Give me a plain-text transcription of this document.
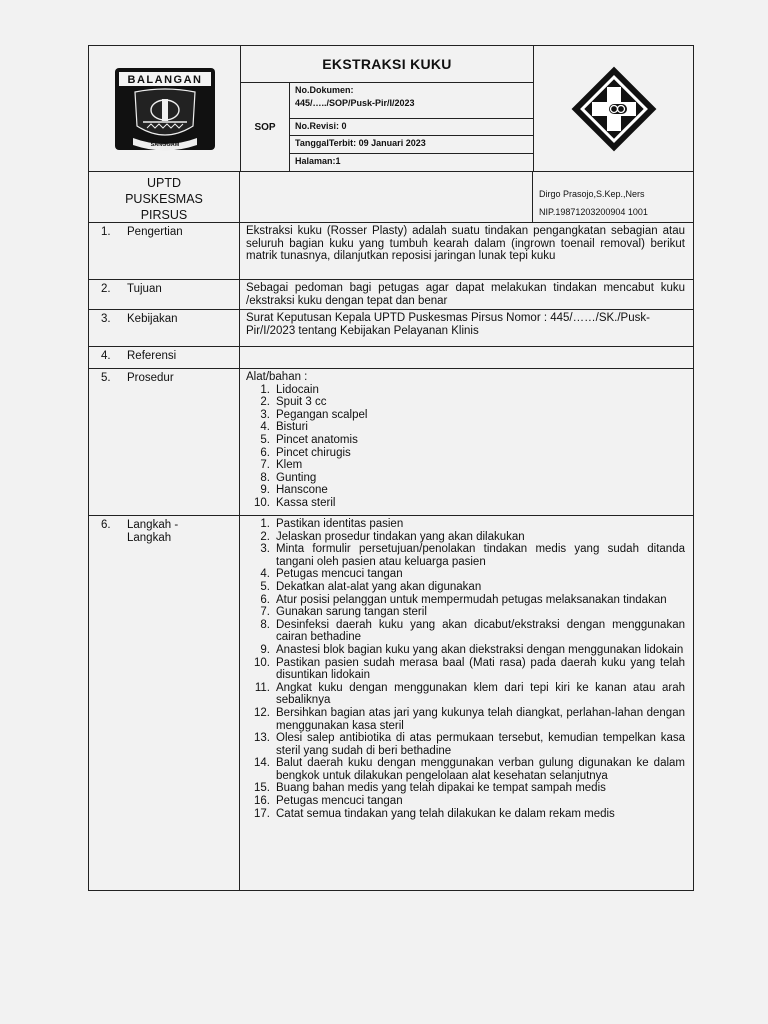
BALANGAN
SANGGAM
EKSTRAKSI KUKU
SOP
No.Dokumen:
445/…../SOP/Pusk-Pir/I/2023
No.Revisi: 0
TanggalTerbit: 09 Januari 2023
Halaman:1
UPTD
PUSKESMAS
PIRSUS
Dirgo Prasojo,S.Kep.,Ners
NIP.19871203200904 1001
1.	Pengertian	Ekstraksi kuku (Rosser Plasty) adalah suatu tindakan pengangkatan sebagian atau seluruh bagian kuku yang tumbuh kearah dalam (ingrown toenail removal) berikut matrik tunasnya, dilanjutkan reposisi jaringan lunak tepi kuku

2.	Tujuan	Sebagai pedoman bagi petugas agar dapat melakukan tindakan mencabut kuku /ekstraksi kuku dengan tepat dan benar

3.	Kebijakan	Surat Keputusan Kepala UPTD Puskesmas Pirsus Nomor : 445/……/SK./Pusk-Pir/I/2023 tentang Kebijakan Pelayanan Klinis

4.	Referensi
5.	Prosedur	Alat/bahan :

1. Lidocain
2. Spuit 3 cc
3. Pegangan scalpel
4. Bisturi
5. Pincet anatomis
6. Pincet chirugis
7. Klem
8. Gunting
9. Hanscone
10. Kassa steril
6.	Langkah - Langkah
1. Pastikan identitas pasien
2. Jelaskan prosedur tindakan yang akan dilakukan
3. Minta formulir persetujuan/penolakan tindakan medis yang sudah ditanda tangani oleh pasien atau keluarga pasien
4. Petugas mencuci tangan
5. Dekatkan alat-alat yang akan digunakan
6. Atur posisi pelanggan untuk mempermudah petugas melaksanakan tindakan
7. Gunakan sarung tangan steril
8. Desinfeksi daerah kuku yang akan dicabut/ekstraksi dengan menggunakan cairan bethadine
9. Anastesi blok bagian kuku yang akan diekstraksi dengan menggunakan lidokain
10. Pastikan pasien sudah merasa baal (Mati rasa) pada daerah kuku yang telah disuntikan lidokain
11. Angkat kuku dengan menggunakan klem dari tepi kiri ke kanan atau arah sebaliknya
12. Bersihkan bagian atas jari yang kukunya telah diangkat, perlahan-lahan dengan menggunakan kasa steril
13. Olesi salep antibiotika di atas permukaan tersebut, kemudian tempelkan kasa steril yang sudah di beri bethadine
14. Balut daerah kuku dengan menggunakan verban gulung digunakan ke dalam bengkok untuk dilakukan pengelolaan alat kesehatan selanjutnya
15. Buang bahan medis yang telah dipakai ke tempat sampah medis
16. Petugas mencuci tangan
17. Catat semua tindakan yang telah dilakukan ke dalam rekam medis
